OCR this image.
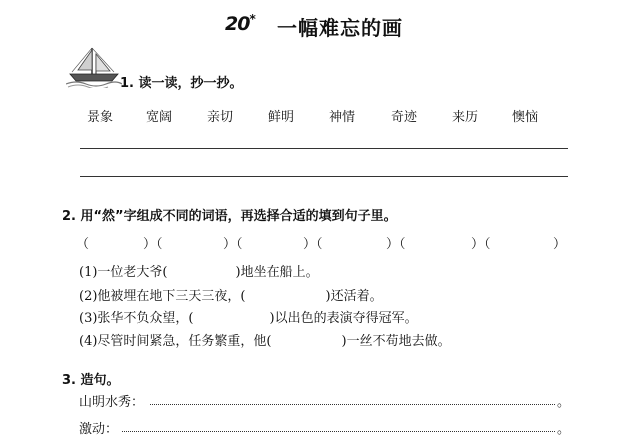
20* 一幅难忘的画
1. 读一读，抄一抄。
景象	宽阔	亲切	鲜明	神情	奇迹	来历	懊恼
2. 用“然”字组成不同的词语，再选择合适的填到句子里。
（	）（	）（	）（	）（	）（	）
(1)一位老大爷(	)地坐在船上。
(2)他被埋在地下三天三夜，(	)还活着。
(3)张华不负众望，(	)以出色的表演夺得冠军。
(4)尽管时间紧急，任务繁重，他(	)一丝不苟地去做。
3. 造句。
山明水秀：	。
激动：	。
